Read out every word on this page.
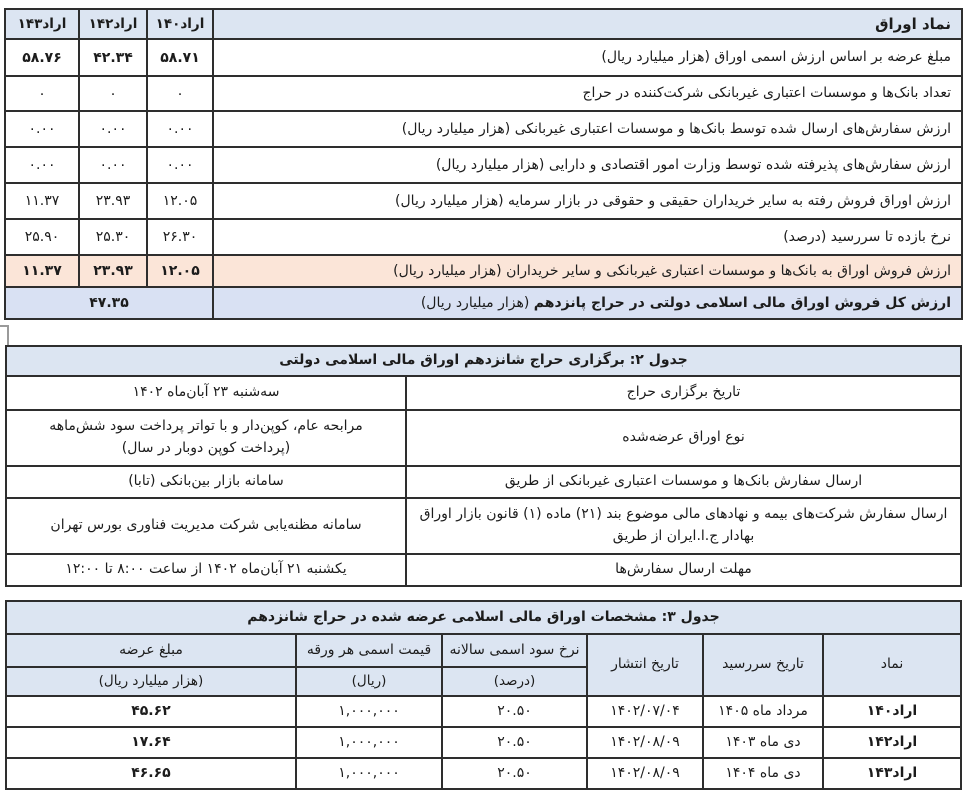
نماد اوراق	اراد۱۴۰	اراد۱۴۲	اراد۱۴۳
مبلغ عرضه بر اساس ارزش اسمی اوراق (هزار میلیارد ریال)	۵۸.۷۱	۴۲.۳۴	۵۸.۷۶
تعداد بانک‌ها و موسسات اعتباری غیربانکی شرکت‌کننده در حراج	۰	۰	۰
ارزش سفارش‌های ارسال شده توسط بانک‌ها و موسسات اعتباری غیربانکی (هزار میلیارد ریال)	۰.۰۰	۰.۰۰	۰.۰۰
ارزش سفارش‌های پذیرفته شده توسط وزارت امور اقتصادی و دارایی (هزار میلیارد ریال)	۰.۰۰	۰.۰۰	۰.۰۰
ارزش اوراق فروش رفته به سایر خریداران حقیقی و حقوقی در بازار سرمایه (هزار میلیارد ریال)	۱۲.۰۵	۲۳.۹۳	۱۱.۳۷
نرخ بازده تا سررسید (درصد)	۲۶.۳۰	۲۵.۳۰	۲۵.۹۰
ارزش فروش اوراق به بانک‌ها و موسسات اعتباری غیربانکی و سایر خریداران (هزار میلیارد ریال)	۱۲.۰۵	۲۳.۹۳	۱۱.۳۷
ارزش کل فروش اوراق مالی اسلامی دولتی در حراج پانزدهم (هزار میلیارد ریال)	۴۷.۳۵		
جدول ۲: برگزاری حراج شانزدهم اوراق مالی اسلامی دولتی	
تاریخ برگزاری حراج	سه‌شنبه ۲۳ آبان‌ماه ۱۴۰۲
نوع اوراق عرضه‌شده	مرابحه عام، کوپن‌دار و با تواتر پرداخت سود شش‌ماهه
(پرداخت کوپن دوبار در سال)

ارسال سفارش بانک‌ها و موسسات اعتباری غیربانکی از طریق	سامانه بازار بین‌بانکی (تابا)

ارسال سفارش شرکت‌های بیمه و نهادهای مالی موضوع بند (۲۱) ماده (۱) قانون بازار اوراق
بهادار ج.ا.ایران از طریق	سامانه مظنه‌یابی شرکت مدیریت فناوری بورس تهران
مهلت ارسال سفارش‌ها	یکشنبه ۲۱ آبان‌ماه ۱۴۰۲ از ساعت ۸:۰۰ تا ۱۲:۰۰
جدول ۳: مشخصات اوراق مالی اسلامی عرضه شده در حراج شانزدهم					
نماد	تاریخ سررسید	تاریخ انتشار	نرخ سود اسمی سالانه	قیمت اسمی هر ورقه	مبلغ عرضه
			(درصد)	(ریال)	(هزار میلیارد ریال)
اراد۱۴۰	مرداد ماه ۱۴۰۵	۱۴۰۲/۰۷/۰۴	۲۰.۵۰	۱,۰۰۰,۰۰۰	۴۵.۶۲
اراد۱۴۲	دی ماه ۱۴۰۳	۱۴۰۲/۰۸/۰۹	۲۰.۵۰	۱,۰۰۰,۰۰۰	۱۷.۶۴
اراد۱۴۳	دی ماه ۱۴۰۴	۱۴۰۲/۰۸/۰۹	۲۰.۵۰	۱,۰۰۰,۰۰۰	۴۶.۶۵
